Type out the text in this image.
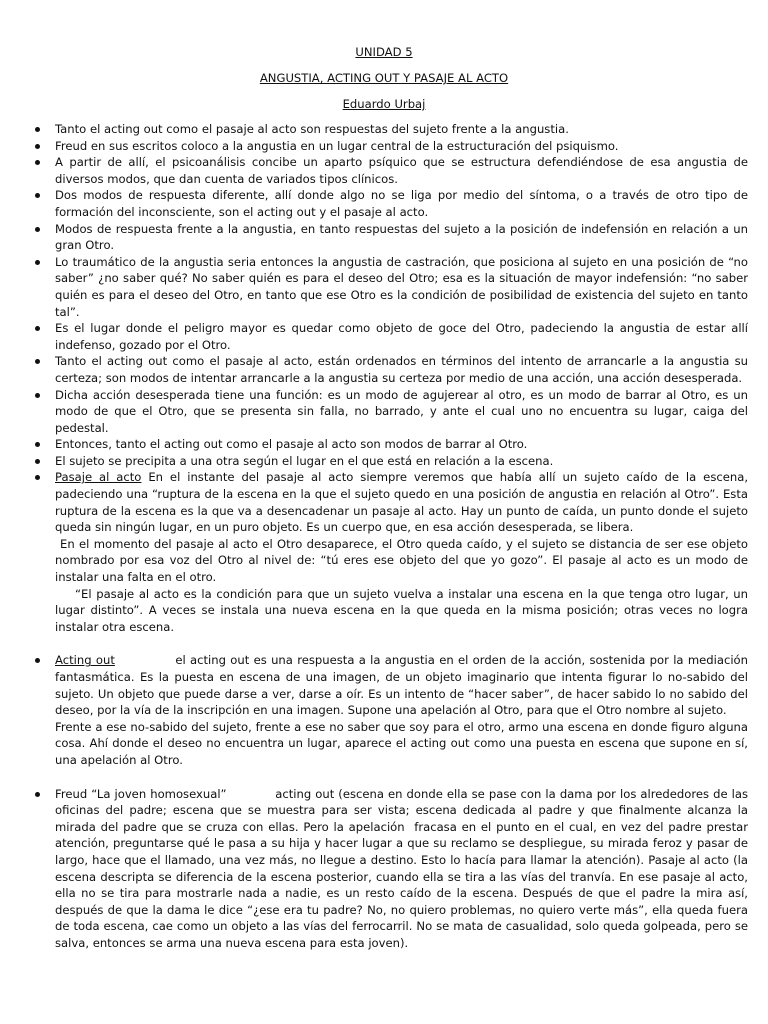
UNIDAD 5
ANGUSTIA, ACTING OUT Y PASAJE AL ACTO
Eduardo Urbaj
Tanto el acting out como el pasaje al acto son respuestas del sujeto frente a la angustia.
Freud en sus escritos coloco a la angustia en un lugar central de la estructuración del psiquismo.
A partir de allí, el psicoanálisis concibe un aparto psíquico que se estructura defendiéndose de esa angustia de diversos modos, que dan cuenta de variados tipos clínicos.
Dos modos de respuesta diferente, allí donde algo no se liga por medio del síntoma, o a través de otro tipo de formación del inconsciente, son el acting out y el pasaje al acto.
Modos de respuesta frente a la angustia, en tanto respuestas del sujeto a la posición de indefensión en relación a un gran Otro.
Lo traumático de la angustia seria entonces la angustia de castración, que posiciona al sujeto en una posición de “no saber” ¿no saber qué? No saber quién es para el deseo del Otro; esa es la situación de mayor indefensión: “no saber quién es para el deseo del Otro, en tanto que ese Otro es la condición de posibilidad de existencia del sujeto en tanto tal”.
Es el lugar donde el peligro mayor es quedar como objeto de goce del Otro, padeciendo la angustia de estar allí indefenso, gozado por el Otro.
Tanto el acting out como el pasaje al acto, están ordenados en términos del intento de arrancarle a la angustia su certeza; son modos de intentar arrancarle a la angustia su certeza por medio de una acción, una acción desesperada.
Dicha acción desesperada tiene una función: es un modo de agujerear al otro, es un modo de barrar al Otro, es un modo de que el Otro, que se presenta sin falla, no barrado, y ante el cual uno no encuentra su lugar, caiga del pedestal.
Entonces, tanto el acting out como el pasaje al acto son modos de barrar al Otro.
El sujeto se precipita a una otra según el lugar en el que está en relación a la escena.
Pasaje al acto En el instante del pasaje al acto siempre veremos que había allí un sujeto caído de la escena, padeciendo una “ruptura de la escena en la que el sujeto quedo en una posición de angustia en relación al Otro”. Esta ruptura de la escena es la que va a desencadenar un pasaje al acto. Hay un punto de caída, un punto donde el sujeto queda sin ningún lugar, en un puro objeto. Es un cuerpo que, en esa acción desesperada, se libera.
En el momento del pasaje al acto el Otro desaparece, el Otro queda caído, y el sujeto se distancia de ser ese objeto nombrado por esa voz del Otro al nivel de: “tú eres ese objeto del que yo gozo”. El pasaje al acto es un modo de instalar una falta en el otro.
“El pasaje al acto es la condición para que un sujeto vuelva a instalar una escena en la que tenga otro lugar, un lugar distinto”. A veces se instala una nueva escena en la que queda en la misma posición; otras veces no logra instalar otra escena.
Acting out              el acting out es una respuesta a la angustia en el orden de la acción, sostenida por la mediación fantasmática. Es la puesta en escena de una imagen, de un objeto imaginario que intenta figurar lo no-sabido del sujeto. Un objeto que puede darse a ver, darse a oír. Es un intento de “hacer saber”, de hacer sabido lo no sabido del deseo, por la vía de la inscripción en una imagen. Supone una apelación al Otro, para que el Otro nombre al sujeto.
Frente a ese no-sabido del sujeto, frente a ese no saber que soy para el otro, armo una escena en donde figuro alguna cosa. Ahí donde el deseo no encuentra un lugar, aparece el acting out como una puesta en escena que supone en sí, una apelación al Otro.
Freud “La joven homosexual”            acting out (escena en donde ella se pase con la dama por los alrededores de las oficinas del padre; escena que se muestra para ser vista; escena dedicada al padre y que finalmente alcanza la mirada del padre que se cruza con ellas. Pero la apelación  fracasa en el punto en el cual, en vez del padre prestar atención, preguntarse qué le pasa a su hija y hacer lugar a que su reclamo se despliegue, su mirada feroz y pasar de largo, hace que el llamado, una vez más, no llegue a destino. Esto lo hacía para llamar la atención). Pasaje al acto (la escena descripta se diferencia de la escena posterior, cuando ella se tira a las vías del tranvía. En ese pasaje al acto, ella no se tira para mostrarle nada a nadie, es un resto caído de la escena. Después de que el padre la mira así, después de que la dama le dice “¿ese era tu padre? No, no quiero problemas, no quiero verte más”, ella queda fuera de toda escena, cae como un objeto a las vías del ferrocarril. No se mata de casualidad, solo queda golpeada, pero se salva, entonces se arma una nueva escena para esta joven).
